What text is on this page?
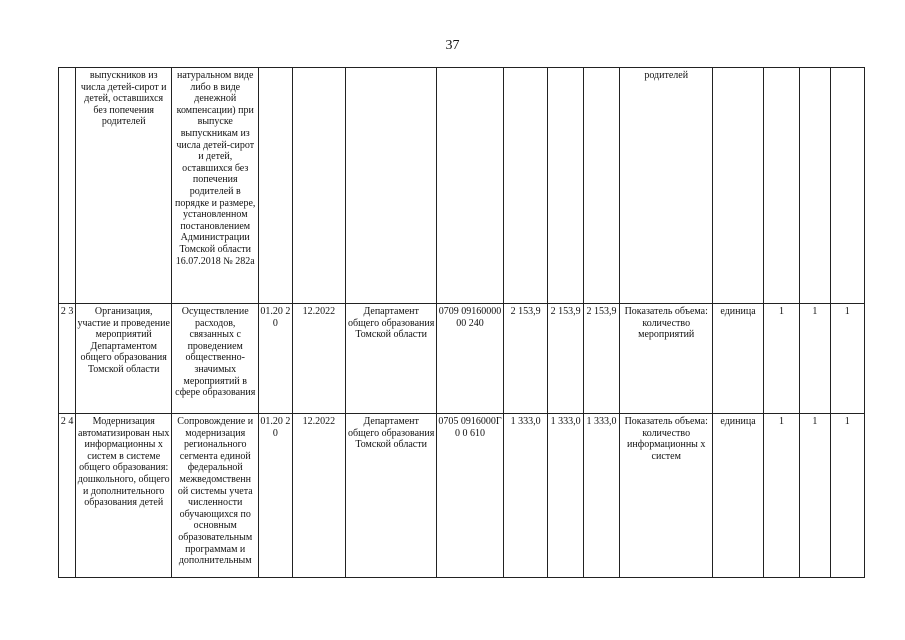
37
	выпускников из числа детей-сирот и детей, оставшихся без попечения родителей	натуральном виде либо в виде денежной компенсации) при выпуске выпускникам из числа детей-сирот и детей, оставшихся без попечения родителей в порядке и размере, установленном постановлением Администрации Томской области 16.07.2018 № 282а								родителей				
2 3	Организация, участие и проведение мероприятий Департаментом общего образования Томской области	Осуществление расходов, связанных с проведением общественно-значимых мероприятий в сфере образования	01.20 20	12.2022	Департамент общего образования Томской области	0709 0916000000 240	2 153,9	2 153,9	2 153,9	Показатель объема: количество мероприятий	единица	1	1	1
2 4	Модернизация автоматизирован ных информационны х систем в системе общего образования: дошкольного, общего и дополнительного образования детей	Сопровождение и модернизация регионального сегмента единой федеральной межведомственн ой системы учета численности обучающихся по основным образовательным программам и дополнительным	01.20 20	12.2022	Департамент общего образования Томской области	0705 0916000Г0 0 610	1 333,0	1 333,0	1 333,0	Показатель объема: количество информационны х систем	единица	1	1	1
